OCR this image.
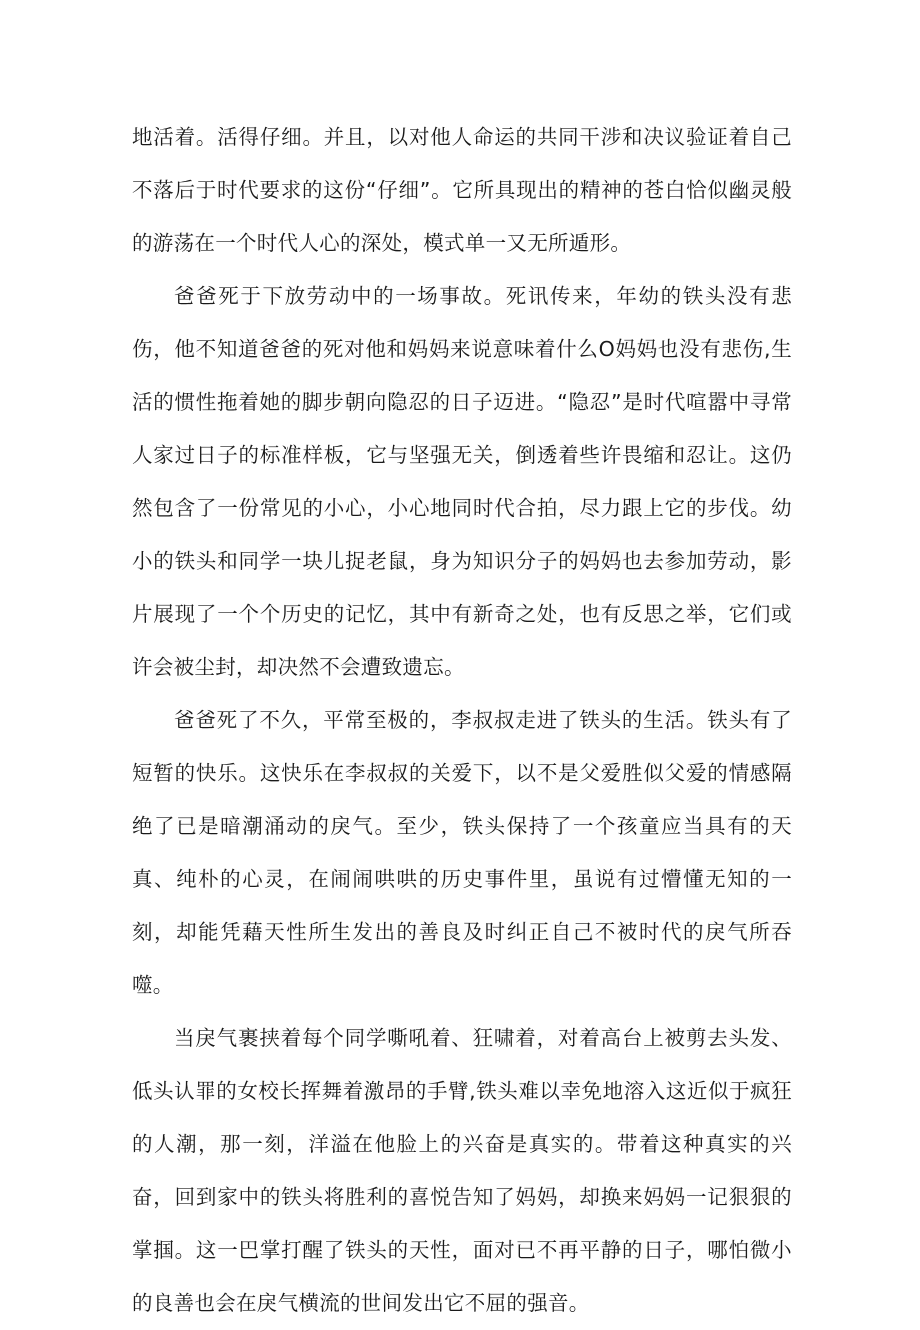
地活着。活得仔细。并且，以对他人命运的共同干涉和决议验证着自己不落后于时代要求的这份“仔细”。它所具现出的精神的苍白恰似幽灵般的游荡在一个时代人心的深处，模式单一又无所遁形。

爸爸死于下放劳动中的一场事故。死讯传来，年幼的铁头没有悲伤，他不知道爸爸的死对他和妈妈来说意味着什么O妈妈也没有悲伤,生活的惯性拖着她的脚步朝向隐忍的日子迈进。“隐忍”是时代喧嚣中寻常人家过日子的标准样板，它与坚强无关，倒透着些许畏缩和忍让。这仍然包含了一份常见的小心，小心地同时代合拍，尽力跟上它的步伐。幼小的铁头和同学一块儿捉老鼠，身为知识分子的妈妈也去参加劳动，影片展现了一个个历史的记忆，其中有新奇之处，也有反思之举，它们或许会被尘封，却决然不会遭致遗忘。

爸爸死了不久，平常至极的，李叔叔走进了铁头的生活。铁头有了短暂的快乐。这快乐在李叔叔的关爱下，以不是父爱胜似父爱的情感隔绝了已是暗潮涌动的戾气。至少，铁头保持了一个孩童应当具有的天真、纯朴的心灵，在闹闹哄哄的历史事件里，虽说有过懵懂无知的一刻，却能凭藉天性所生发出的善良及时纠正自己不被时代的戾气所吞噬。

当戾气裹挟着每个同学嘶吼着、狂啸着，对着高台上被剪去头发、低头认罪的女校长挥舞着激昂的手臂,铁头难以幸免地溶入这近似于疯狂的人潮，那一刻，洋溢在他脸上的兴奋是真实的。带着这种真实的兴奋，回到家中的铁头将胜利的喜悦告知了妈妈，却换来妈妈一记狠狠的掌掴。这一巴掌打醒了铁头的天性，面对已不再平静的日子，哪怕微小的良善也会在戾气横流的世间发出它不屈的强音。
